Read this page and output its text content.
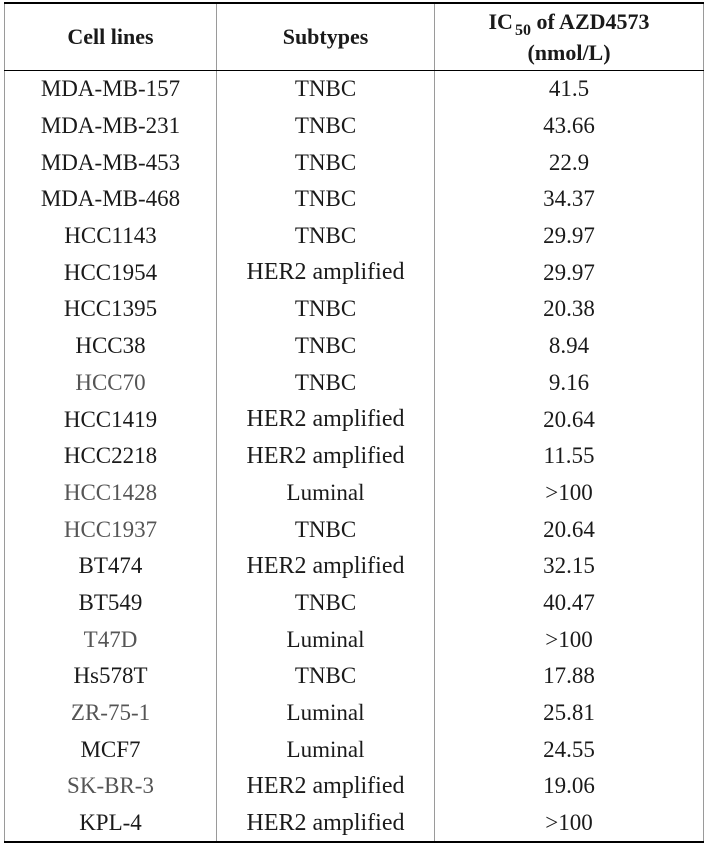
Cell lines	Subtypes	IC $_{50}$ of AZD4573
(nmol/L)

MDA-MB-157	TNBC	41.5
MDA-MB-231	TNBC	43.66
MDA-MB-453	TNBC	22.9
MDA-MB-468	TNBC	34.37
HCC1143	TNBC	29.97
HCC1954	HER2 amplified	29.97
HCC1395	TNBC	20.38
HCC38	TNBC	8.94
HCC70	TNBC	9.16
HCC1419	HER2 amplified	20.64
HCC2218	HER2 amplified	11.55
HCC1428	Luminal	>100
HCC1937	TNBC	20.64
BT474	HER2 amplified	32.15
BT549	TNBC	40.47
T47D	Luminal	>100
Hs578T	TNBC	17.88
ZR-75-1	Luminal	25.81
MCF7	Luminal	24.55
SK-BR-3	HER2 amplified	19.06
KPL-4	HER2 amplified	>100
